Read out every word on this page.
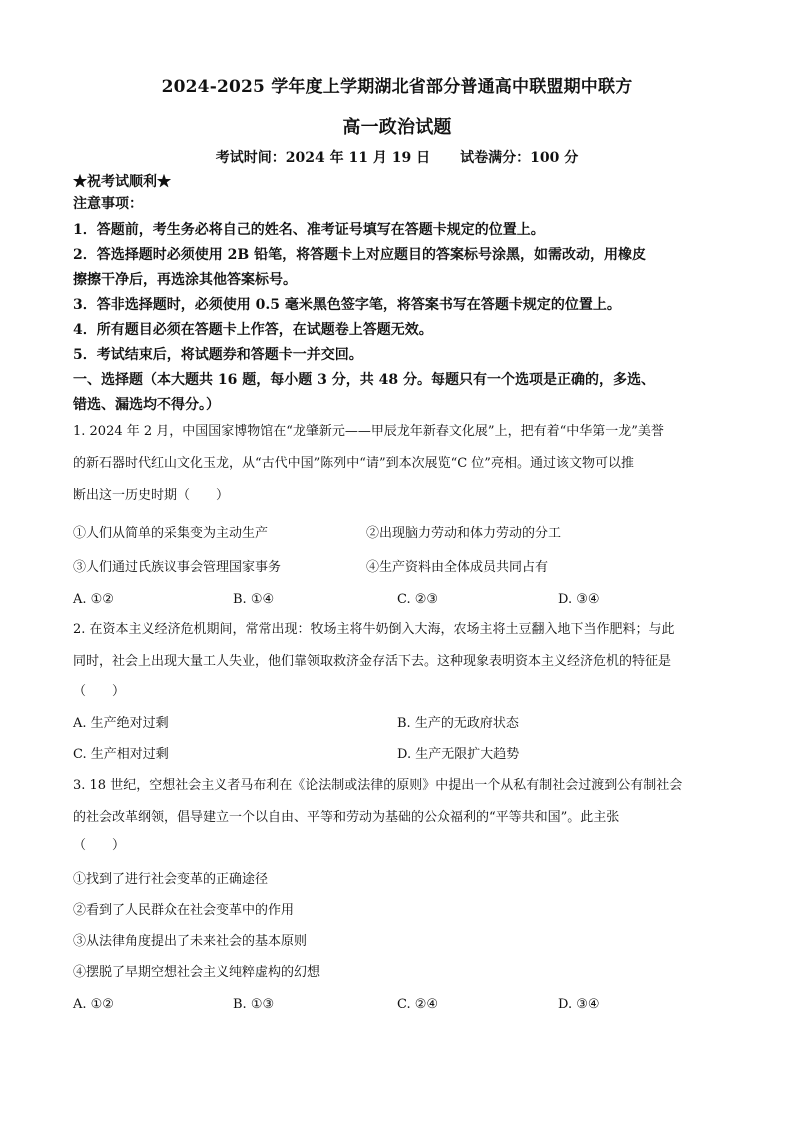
2024-2025 学年度上学期湖北省部分普通高中联盟期中联方
高一政治试题
考试时间：2024 年 11 月 19 日 试卷满分：100 分
★祝考试顺利★
注意事项：
1．答题前，考生务必将自己的姓名、准考证号填写在答题卡规定的位置上。
2．答选择题时必须使用 2B 铅笔，将答题卡上对应题目的答案标号涂黑，如需改动，用橡皮
擦擦干净后，再选涂其他答案标号。
3．答非选择题时，必须使用 0.5 毫米黑色签字笔，将答案书写在答题卡规定的位置上。
4．所有题目必须在答题卡上作答，在试题卷上答题无效。
5．考试结束后，将试题券和答题卡一并交回。
一、选择题（本大题共 16 题，每小题 3 分，共 48 分。每题只有一个选项是正确的，多选、
错选、漏选均不得分。）
1. 2024 年 2 月，中国国家博物馆在“龙肇新元——甲辰龙年新春文化展”上，把有着“中华第一龙”美誉
的新石器时代红山文化玉龙，从“古代中国”陈列中“请”到本次展览“C 位”亮相。通过该文物可以推
断出这一历史时期（　　）
①人们从简单的采集变为主动生产	②出现脑力劳动和体力劳动的分工
③人们通过氏族议事会管理国家事务	④生产资料由全体成员共同占有
A. ①②	B. ①④	C. ②③	D. ③④
2. 在资本主义经济危机期间，常常出现：牧场主将牛奶倒入大海，农场主将土豆翻入地下当作肥料；与此
同时，社会上出现大量工人失业，他们靠领取救济金存活下去。这种现象表明资本主义经济危机的特征是
（　　）
A. 生产绝对过剩	B. 生产的无政府状态
C. 生产相对过剩	D. 生产无限扩大趋势
3. 18 世纪，空想社会主义者马布利在《论法制或法律的原则》中提出一个从私有制社会过渡到公有制社会
的社会改革纲领，倡导建立一个以自由、平等和劳动为基础的公众福利的“平等共和国”。此主张
（　　）
①找到了进行社会变革的正确途径
②看到了人民群众在社会变革中的作用
③从法律角度提出了未来社会的基本原则
④摆脱了早期空想社会主义纯粹虚构的幻想
A. ①②	B. ①③	C. ②④	D. ③④
